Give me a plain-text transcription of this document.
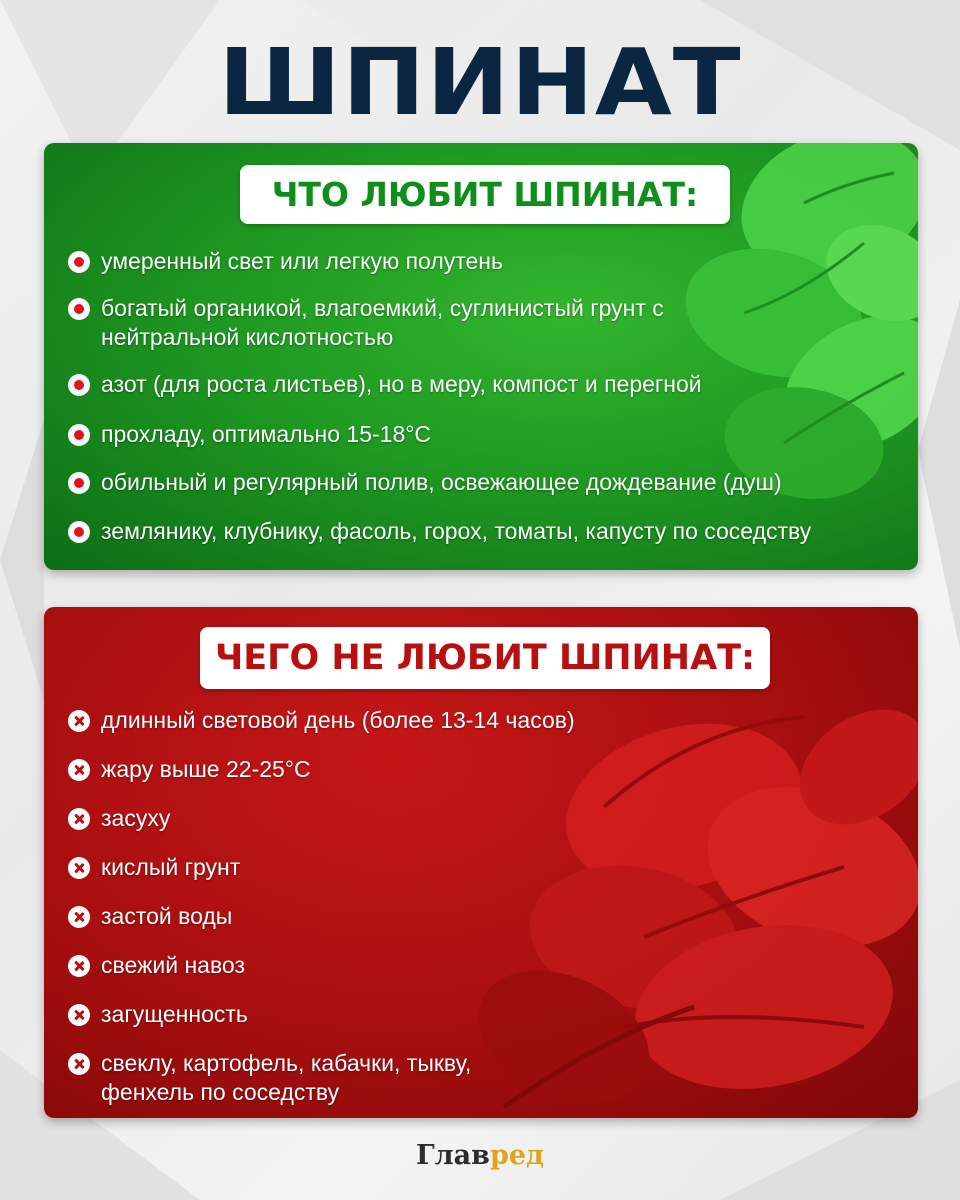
ШПИНАТ
ЧТО ЛЮБИТ ШПИНАТ:
умеренный свет или легкую полутень
богатый органикой, влагоемкий, суглинистый грунт с нейтральной кислотностью
азот (для роста листьев), но в меру, компост и перегной
прохладу, оптимально 15-18°C
обильный и регулярный полив, освежающее дождевание (душ)
землянику, клубнику, фасоль, горох, томаты, капусту по соседству
ЧЕГО НЕ ЛЮБИТ ШПИНАТ:
длинный световой день (более 13-14 часов)
жару выше 22-25°C
засуху
кислый грунт
застой воды
свежий навоз
загущенность
свеклу, картофель, кабачки, тыкву, фенхель по соседству
Главред
